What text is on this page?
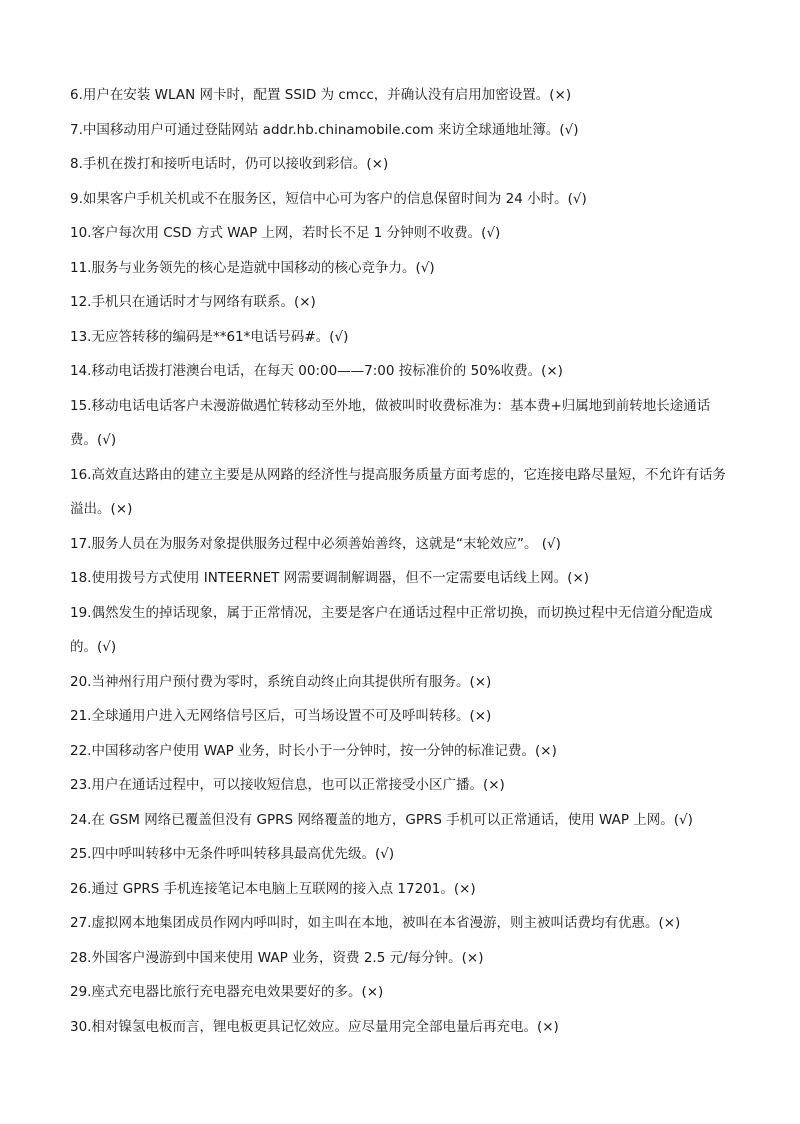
6.用户在安装 WLAN 网卡时，配置 SSID 为 cmcc，并确认没有启用加密设置。(×)

7.中国移动用户可通过登陆网站 addr.hb.chinamobile.com 来访全球通地址簿。(√)

8.手机在拨打和接听电话时，仍可以接收到彩信。(×)

9.如果客户手机关机或不在服务区，短信中心可为客户的信息保留时间为 24 小时。(√)

10.客户每次用 CSD 方式 WAP 上网，若时长不足 1 分钟则不收费。(√)

11.服务与业务领先的核心是造就中国移动的核心竞争力。(√)

12.手机只在通话时才与网络有联系。(×)

13.无应答转移的编码是**61*电话号码#。(√)

14.移动电话拨打港澳台电话，在每天 00:00——7:00 按标准价的 50%收费。(×)

15.移动电话电话客户未漫游做遇忙转移动至外地，做被叫时收费标准为：基本费+归属地到前转地长途通话费。(√)

16.高效直达路由的建立主要是从网路的经济性与提高服务质量方面考虑的，它连接电路尽量短，不允许有话务溢出。(×)

17.服务人员在为服务对象提供服务过程中必须善始善终，这就是“末轮效应”。 (√)

18.使用拨号方式使用 INTEERNET 网需要调制解调器，但不一定需要电话线上网。(×)

19.偶然发生的掉话现象，属于正常情况，主要是客户在通话过程中正常切换，而切换过程中无信道分配造成的。(√)

20.当神州行用户预付费为零时，系统自动终止向其提供所有服务。(×)

21.全球通用户进入无网络信号区后，可当场设置不可及呼叫转移。(×)

22.中国移动客户使用 WAP 业务，时长小于一分钟时，按一分钟的标准记费。(×)

23.用户在通话过程中，可以接收短信息，也可以正常接受小区广播。(×)

24.在 GSM 网络已覆盖但没有 GPRS 网络覆盖的地方，GPRS 手机可以正常通话，使用 WAP 上网。(√)

25.四中呼叫转移中无条件呼叫转移具最高优先级。(√)

26.通过 GPRS 手机连接笔记本电脑上互联网的接入点 17201。(×)

27.虚拟网本地集团成员作网内呼叫时，如主叫在本地，被叫在本省漫游，则主被叫话费均有优惠。(×)

28.外国客户漫游到中国来使用 WAP 业务，资费 2.5 元/每分钟。(×)

29.座式充电器比旅行充电器充电效果要好的多。(×)

30.相对镍氢电板而言，锂电板更具记忆效应。应尽量用完全部电量后再充电。(×)
